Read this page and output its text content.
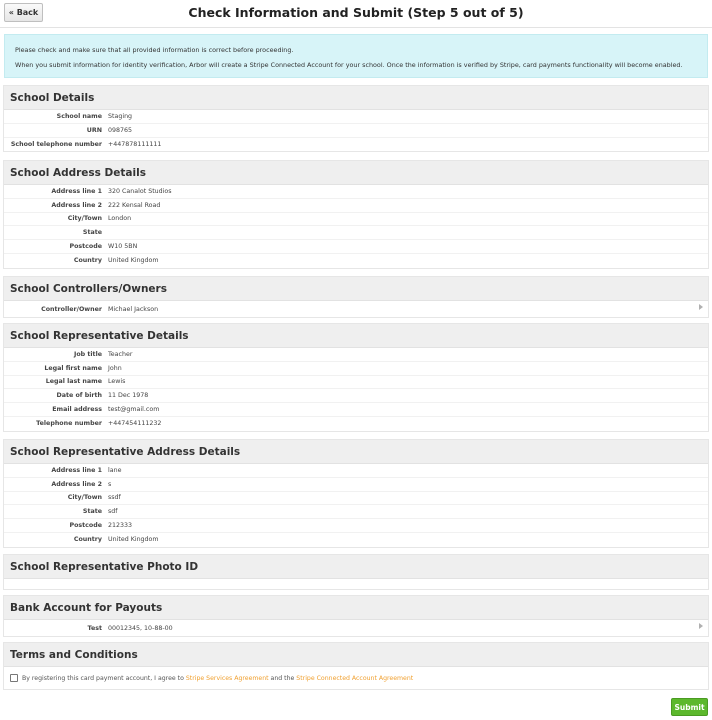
« Back	Check Information and Submit (Step 5 out of 5)

Please check and make sure that all provided information is correct before proceeding.

When you submit information for identity verification, Arbor will create a Stripe Connected Account for your school. Once the information is verified by Stripe, card payments functionality will become enabled.

School Details
School name Staging
URN 098765
School telephone number +447878111111
School Address Details
Address line 1 320 Canalot Studios
Address line 2 222 Kensal Road
City/Town London
State
Postcode W10 5BN
Country United Kingdom
School Controllers/Owners
Controller/Owner Michael Jackson
School Representative Details
Job title Teacher
Legal first name John
Legal last name Lewis
Date of birth 11 Dec 1978
Email address test@gmail.com
Telephone number +447454111232
School Representative Address Details
Address line 1 lane
Address line 2 s
City/Town ssdf
State sdf
Postcode 212333
Country United Kingdom
School Representative Photo ID
Bank Account for Payouts
Test 00012345, 10-88-00
Terms and Conditions
By registering this card payment account, I agree to Stripe Services Agreement and the Stripe Connected Account Agreement
Submit
